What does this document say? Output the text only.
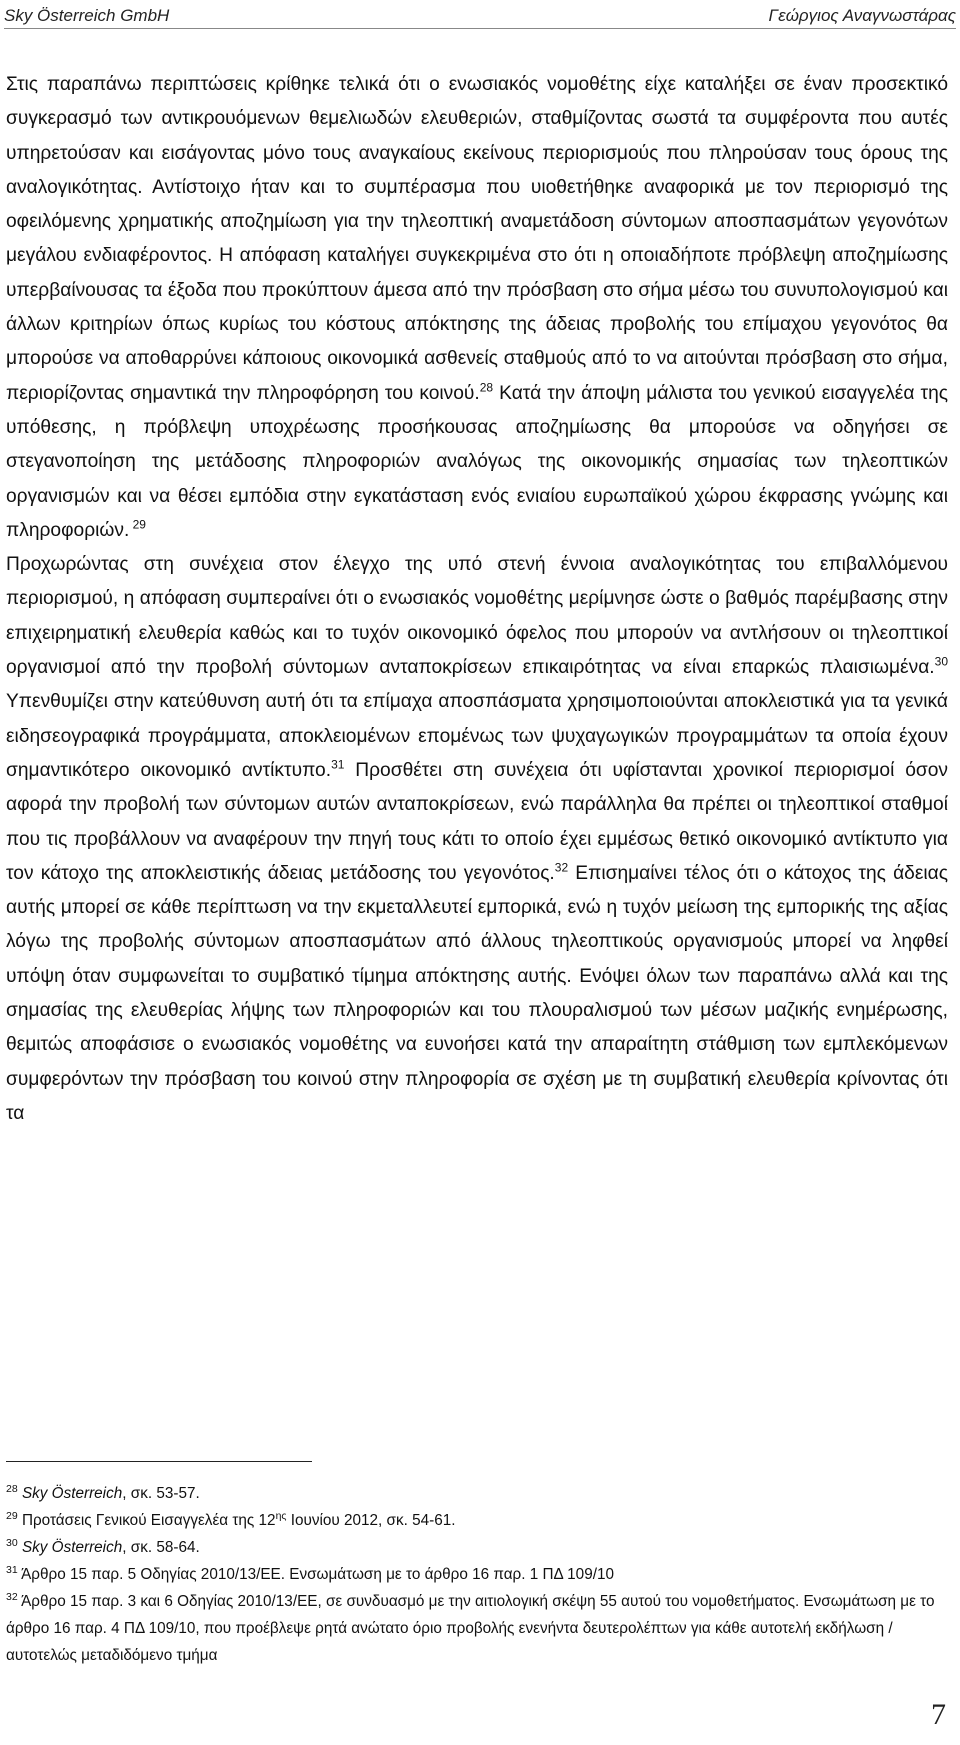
Sky Österreich GmbH	Γεώργιος Αναγνωστάρας

Στις παραπάνω περιπτώσεις κρίθηκε τελικά ότι ο ενωσιακός νομοθέτης είχε καταλήξει σε έναν προσεκτικό συγκερασμό των αντικρουόμενων θεμελιωδών ελευθεριών, σταθμίζοντας σωστά τα συμφέροντα που αυτές υπηρετούσαν και εισάγοντας μόνο τους αναγκαίους εκείνους περιορισμούς που πληρούσαν τους όρους της αναλογικότητας. Αντίστοιχο ήταν και το συμπέρασμα που υιοθετήθηκε αναφορικά με τον περιορισμό της οφειλόμενης χρηματικής αποζημίωση για την τηλεοπτική αναμετάδοση σύντομων αποσπασμάτων γεγονότων μεγάλου ενδιαφέροντος. Η απόφαση καταλήγει συγκεκριμένα στο ότι η οποιαδήποτε πρόβλεψη αποζημίωσης υπερβαίνουσας τα έξοδα που προκύπτουν άμεσα από την πρόσβαση στο σήμα μέσω του συνυπολογισμού και άλλων κριτηρίων όπως κυρίως του κόστους απόκτησης της άδειας προβολής του επίμαχου γεγονότος θα μπορούσε να αποθαρρύνει κάποιους οικονομικά ασθενείς σταθμούς από το να αιτούνται πρόσβαση στο σήμα, περιορίζοντας σημαντικά την πληροφόρηση του κοινού.$^{28}$ Κατά την άποψη μάλιστα του γενικού εισαγγελέα της υπόθεσης, η πρόβλεψη υποχρέωσης προσήκουσας αποζημίωσης θα μπορούσε να οδηγήσει σε στεγανοποίηση της μετάδοσης πληροφοριών αναλόγως της οικονομικής σημασίας των τηλεοπτικών οργανισμών και να θέσει εμπόδια στην εγκατάσταση ενός ενιαίου ευρωπαϊκού χώρου έκφρασης γνώμης και πληροφοριών. $^{29}$

Προχωρώντας στη συνέχεια στον έλεγχο της υπό στενή έννοια αναλογικότητας του επιβαλλόμενου περιορισμού, η απόφαση συμπεραίνει ότι ο ενωσιακός νομοθέτης μερίμνησε ώστε ο βαθμός παρέμβασης στην επιχειρηματική ελευθερία καθώς και το τυχόν οικονομικό όφελος που μπορούν να αντλήσουν οι τηλεοπτικοί οργανισμοί από την προβολή σύντομων ανταποκρίσεων επικαιρότητας να είναι επαρκώς πλαισιωμένα.$^{30}$ Υπενθυμίζει στην κατεύθυνση αυτή ότι τα επίμαχα αποσπάσματα χρησιμοποιούνται αποκλειστικά για τα γενικά ειδησεογραφικά προγράμματα, αποκλειομένων επομένως των ψυχαγωγικών προγραμμάτων τα οποία έχουν σημαντικότερο οικονομικό αντίκτυπο.$^{31}$ Προσθέτει στη συνέχεια ότι υφίστανται χρονικοί περιορισμοί όσον αφορά την προβολή των σύντομων αυτών ανταποκρίσεων, ενώ παράλληλα θα πρέπει οι τηλεοπτικοί σταθμοί που τις προβάλλουν να αναφέρουν την πηγή τους κάτι το οποίο έχει εμμέσως θετικό οικονομικό αντίκτυπο για τον κάτοχο της αποκλειστικής άδειας μετάδοσης του γεγονότος.$^{32}$ Επισημαίνει τέλος ότι ο κάτοχος της άδειας αυτής μπορεί σε κάθε περίπτωση να την εκμεταλλευτεί εμπορικά, ενώ η τυχόν μείωση της εμπορικής της αξίας λόγω της προβολής σύντομων αποσπασμάτων από άλλους τηλεοπτικούς οργανισμούς μπορεί να ληφθεί υπόψη όταν συμφωνείται το συμβατικό τίμημα απόκτησης αυτής. Ενόψει όλων των παραπάνω αλλά και της σημασίας της ελευθερίας λήψης των πληροφοριών και του πλουραλισμού των μέσων μαζικής ενημέρωσης, θεμιτώς αποφάσισε ο ενωσιακός νομοθέτης να ευνοήσει κατά την απαραίτητη στάθμιση των εμπλεκόμενων συμφερόντων την πρόσβαση του κοινού στην πληροφορία σε σχέση με τη συμβατική ελευθερία κρίνοντας ότι τα

$^{28}$ Sky Österreich, σκ. 53-57.

$^{29}$ Προτάσεις Γενικού Εισαγγελέα της $12^{\eta\varsigma}$ Ιουνίου 2012, σκ. 54-61.

$^{30}$ Sky Österreich, σκ. 58-64.

$^{31}$ Άρθρο 15 παρ. 5 Οδηγίας 2010/13/ΕΕ. Ενσωμάτωση με το άρθρο 16 παρ. 1 ΠΔ 109/10

$^{32}$ Άρθρο 15 παρ. 3 και 6 Οδηγίας 2010/13/ΕΕ, σε συνδυασμό με την αιτιολογική σκέψη 55 αυτού του νομοθετήματος. Ενσωμάτωση με το άρθρο 16 παρ. 4 ΠΔ 109/10, που προέβλεψε ρητά ανώτατο όριο προβολής ενενήντα δευτερολέπτων για κάθε αυτοτελή εκδήλωση / αυτοτελώς μεταδιδόμενο τμήμα

7
